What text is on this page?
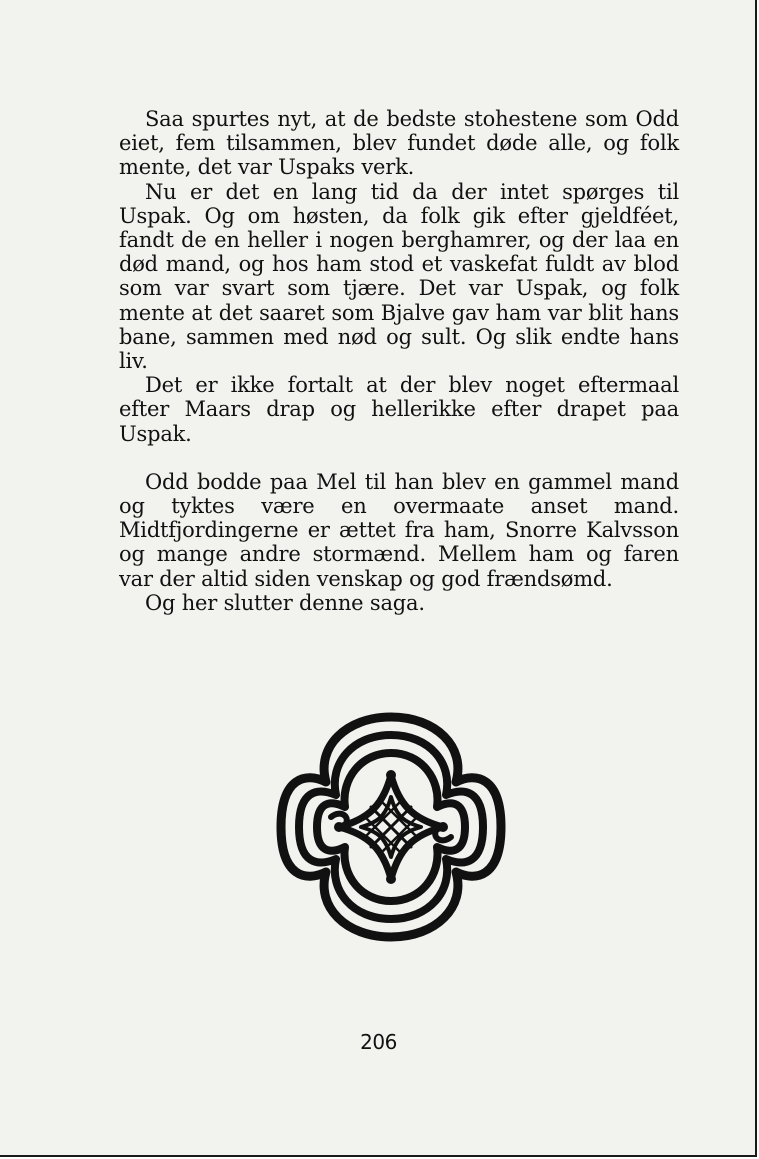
Saa spurtes nyt, at de bedste stohestene som Odd eiet, fem tilsammen, blev fundet døde alle, og folk mente, det var Uspaks verk.

Nu er det en lang tid da der intet spørges til Uspak. Og om høsten, da folk gik efter gjeldféet, fandt de en heller i nogen berghamrer, og der laa en død mand, og hos ham stod et vaskefat fuldt av blod som var svart som tjære. Det var Uspak, og folk mente at det saaret som Bjalve gav ham var blit hans bane, sammen med nød og sult. Og slik endte hans liv.

Det er ikke fortalt at der blev noget eftermaal efter Maars drap og hellerikke efter drapet paa Uspak.

Odd bodde paa Mel til han blev en gammel mand og tyktes være en overmaate anset mand. Midtfjordingerne er ættet fra ham, Snorre Kalvsson og mange andre stormænd. Mellem ham og faren var der altid siden venskap og god frændsømd.

Og her slutter denne saga.

206
